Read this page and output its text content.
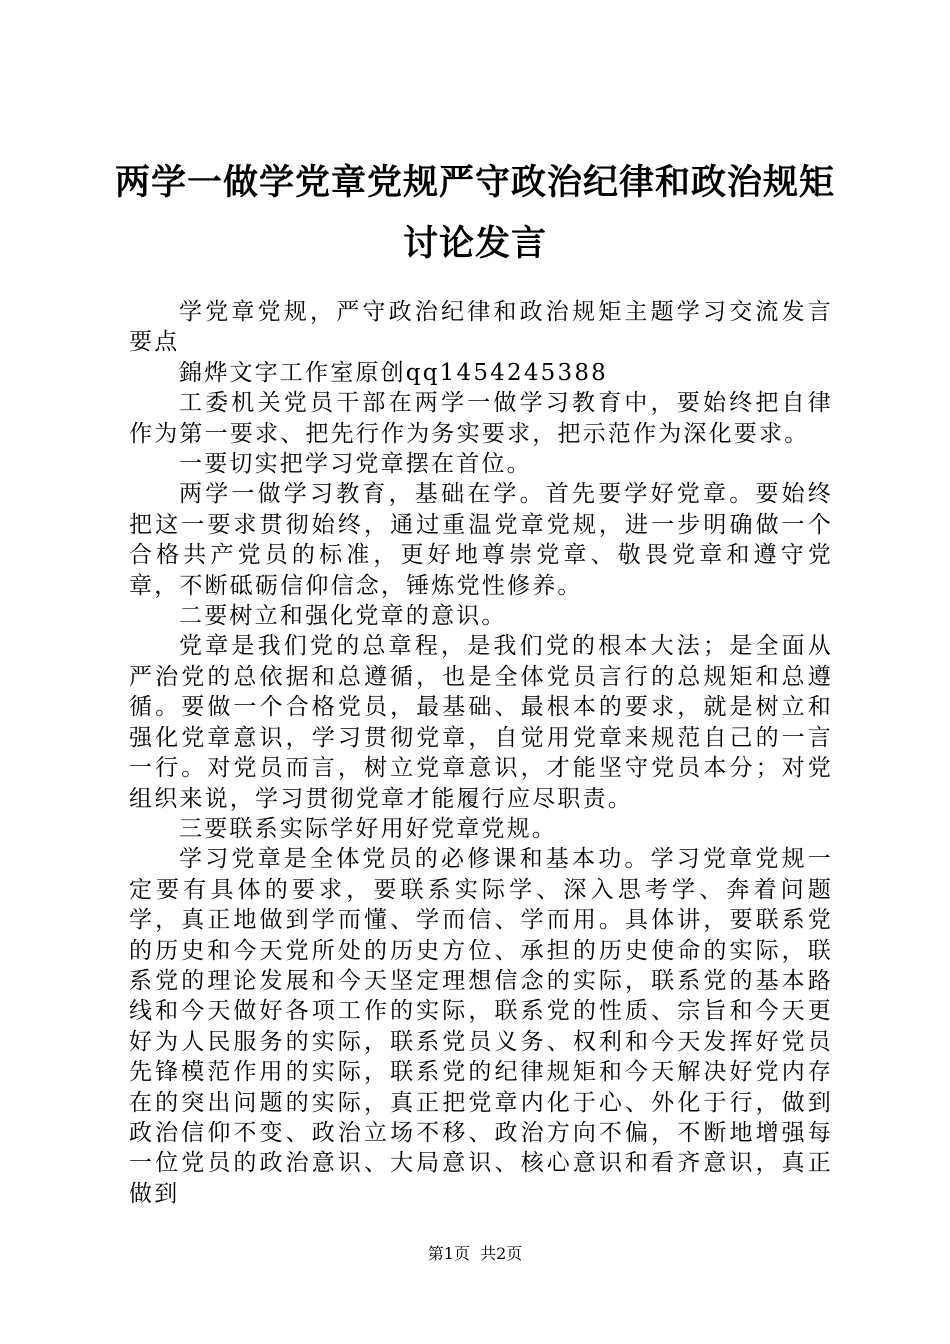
两学一做学党章党规严守政治纪律和政治规矩
讨论发言

学党章党规，严守政治纪律和政治规矩主题学习交流发言要点

錦烨文字工作室原创qq1454245388

工委机关党员干部在两学一做学习教育中，要始终把自律作为第一要求、把先行作为务实要求，把示范作为深化要求。

一要切实把学习党章摆在首位。

两学一做学习教育，基础在学。首先要学好党章。要始终把这一要求贯彻始终，通过重温党章党规，进一步明确做一个合格共产党员的标准，更好地尊崇党章、敬畏党章和遵守党章，不断砥砺信仰信念，锤炼党性修养。

二要树立和强化党章的意识。

党章是我们党的总章程，是我们党的根本大法；是全面从严治党的总依据和总遵循，也是全体党员言行的总规矩和总遵循。要做一个合格党员，最基础、最根本的要求，就是树立和强化党章意识，学习贯彻党章，自觉用党章来规范自己的一言一行。对党员而言，树立党章意识，才能坚守党员本分；对党组织来说，学习贯彻党章才能履行应尽职责。

三要联系实际学好用好党章党规。

学习党章是全体党员的必修课和基本功。学习党章党规一定要有具体的要求，要联系实际学、深入思考学、奔着问题学，真正地做到学而懂、学而信、学而用。具体讲，要联系党的历史和今天党所处的历史方位、承担的历史使命的实际，联系党的理论发展和今天坚定理想信念的实际，联系党的基本路线和今天做好各项工作的实际，联系党的性质、宗旨和今天更好为人民服务的实际，联系党员义务、权利和今天发挥好党员先锋模范作用的实际，联系党的纪律规矩和今天解决好党内存在的突出问题的实际，真正把党章内化于心、外化于行，做到政治信仰不变、政治立场不移、政治方向不偏，不断地增强每一位党员的政治意识、大局意识、核心意识和看齐意识，真正做到

第1页 共2页
